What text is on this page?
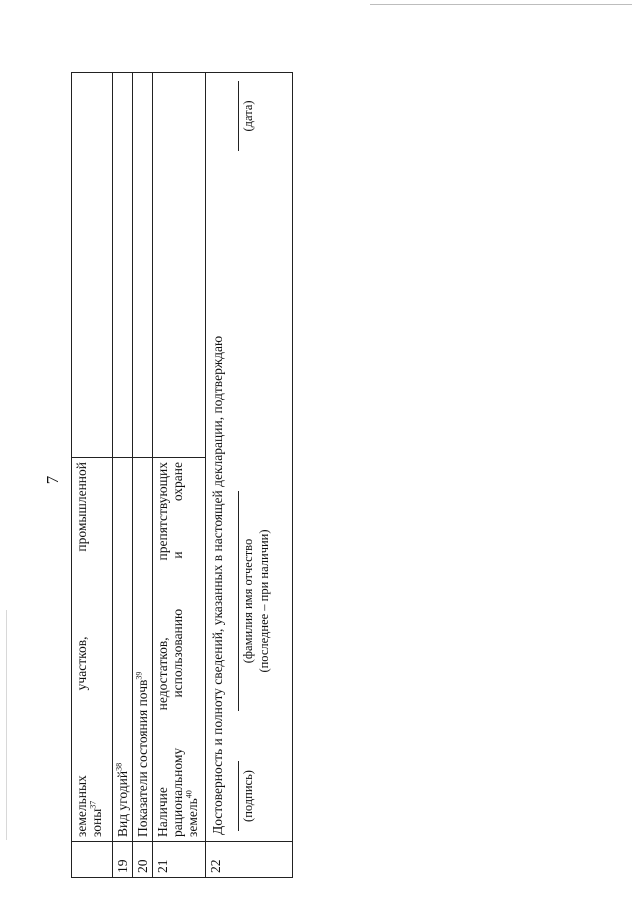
7

	земельных участков, промышленной зоны$^{37}$	
19	Вид угодий$^{38}$	
20	Показатели состояния почв$^{39}$	
21	Наличие недостатков, препятствующих рациональному использованию и охране земель$^{40}$	
22	Достоверность и полноту сведений, указанных в настоящей декларации, подтверждаю (подпись)
(фамилия имя отчество (последнее – при наличии)
(дата)	
